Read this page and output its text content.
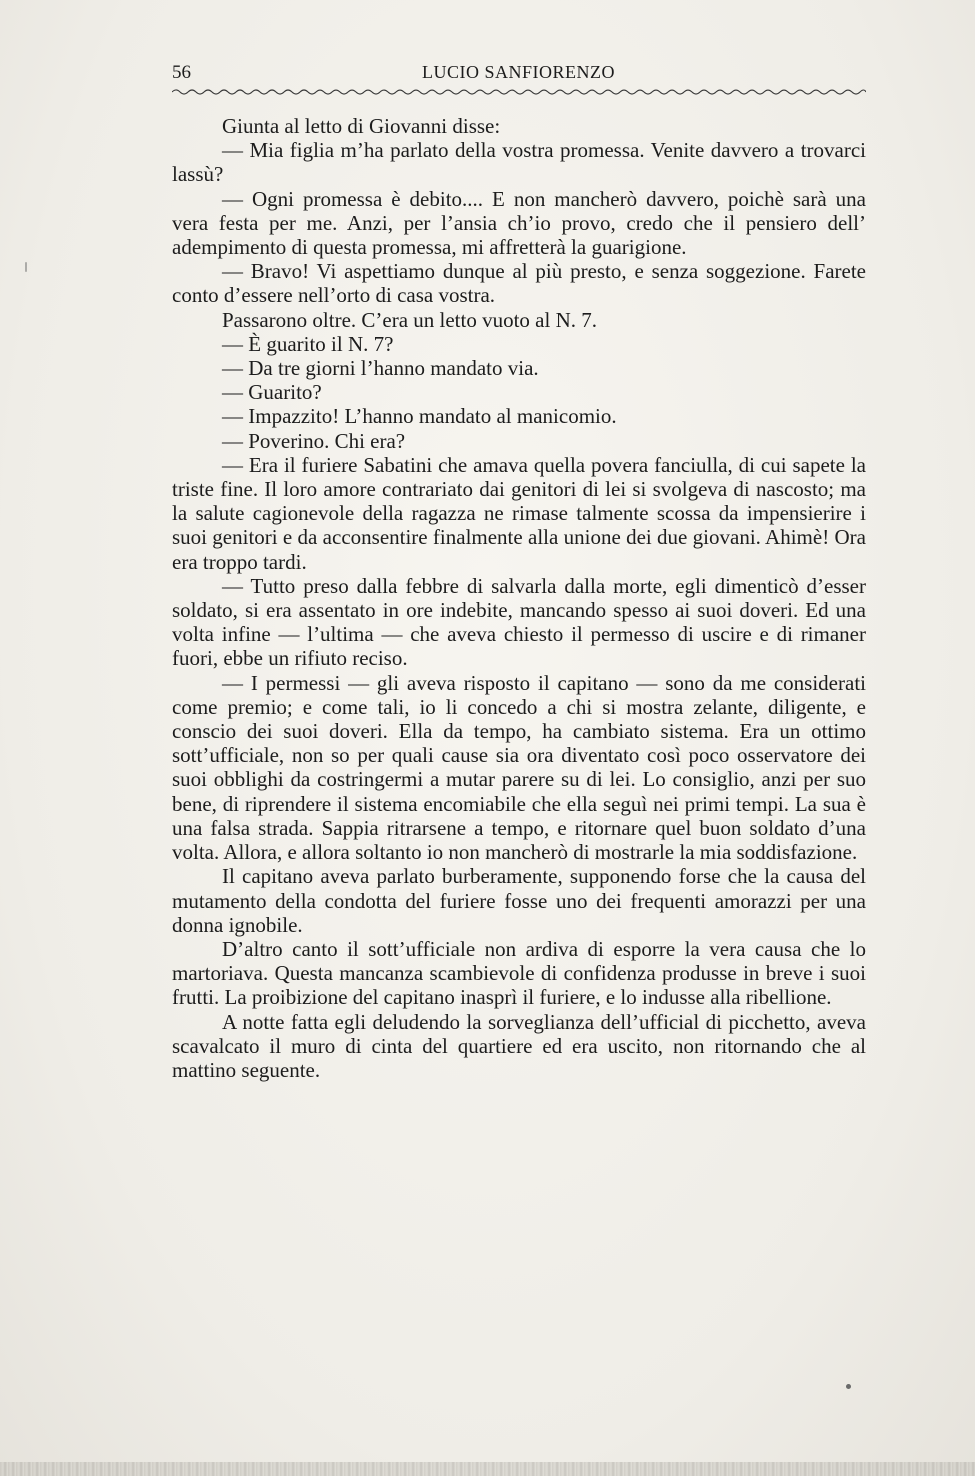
56	LUCIO SANFIORENZO

Giunta al letto di Giovanni disse:

— Mia figlia m’ha parlato della vostra promessa. Venite davvero a trovarci lassù?

— Ogni promessa è debito.... E non mancherò davvero, poichè sarà una vera festa per me. Anzi, per l’ansia ch’io provo, credo che il pensiero dell’ adempimento di questa promessa, mi affretterà la guarigione.

— Bravo! Vi aspettiamo dunque al più presto, e senza soggezione. Farete conto d’essere nell’orto di casa vostra.

Passarono oltre. C’era un letto vuoto al N. 7.

— È guarito il N. 7?

— Da tre giorni l’hanno mandato via.

— Guarito?

— Impazzito! L’hanno mandato al manicomio.

— Poverino. Chi era?

— Era il furiere Sabatini che amava quella povera fanciulla, di cui sapete la triste fine. Il loro amore contrariato dai genitori di lei si svolgeva di nascosto; ma la salute cagionevole della ragazza ne rimase talmente scossa da impensierire i suoi genitori e da acconsentire finalmente alla unione dei due giovani. Ahimè! Ora era troppo tardi.

— Tutto preso dalla febbre di salvarla dalla morte, egli dimenticò d’esser soldato, si era assentato in ore indebite, mancando spesso ai suoi doveri. Ed una volta infine — l’ultima — che aveva chiesto il permesso di uscire e di rimaner fuori, ebbe un rifiuto reciso.

— I permessi — gli aveva risposto il capitano — sono da me considerati come premio; e come tali, io li concedo a chi si mostra zelante, diligente, e conscio dei suoi doveri. Ella da tempo, ha cambiato sistema. Era un ottimo sott’ufficiale, non so per quali cause sia ora diventato così poco osservatore dei suoi obblighi da costringermi a mutar parere su di lei. Lo consiglio, anzi per suo bene, di riprendere il sistema encomiabile che ella seguì nei primi tempi. La sua è una falsa strada. Sappia ritrarsene a tempo, e ritornare quel buon soldato d’una volta. Allora, e allora soltanto io non mancherò di mostrarle la mia soddisfazione.

Il capitano aveva parlato burberamente, supponendo forse che la causa del mutamento della condotta del furiere fosse uno dei frequenti amorazzi per una donna ignobile.

D’altro canto il sott’ufficiale non ardiva di esporre la vera causa che lo martoriava. Questa mancanza scambievole di confidenza produsse in breve i suoi frutti. La proibizione del capitano inasprì il furiere, e lo indusse alla ribellione.

A notte fatta egli deludendo la sorveglianza dell’ufficial di picchetto, aveva scavalcato il muro di cinta del quartiere ed era uscito, non ritornando che al mattino seguente.
